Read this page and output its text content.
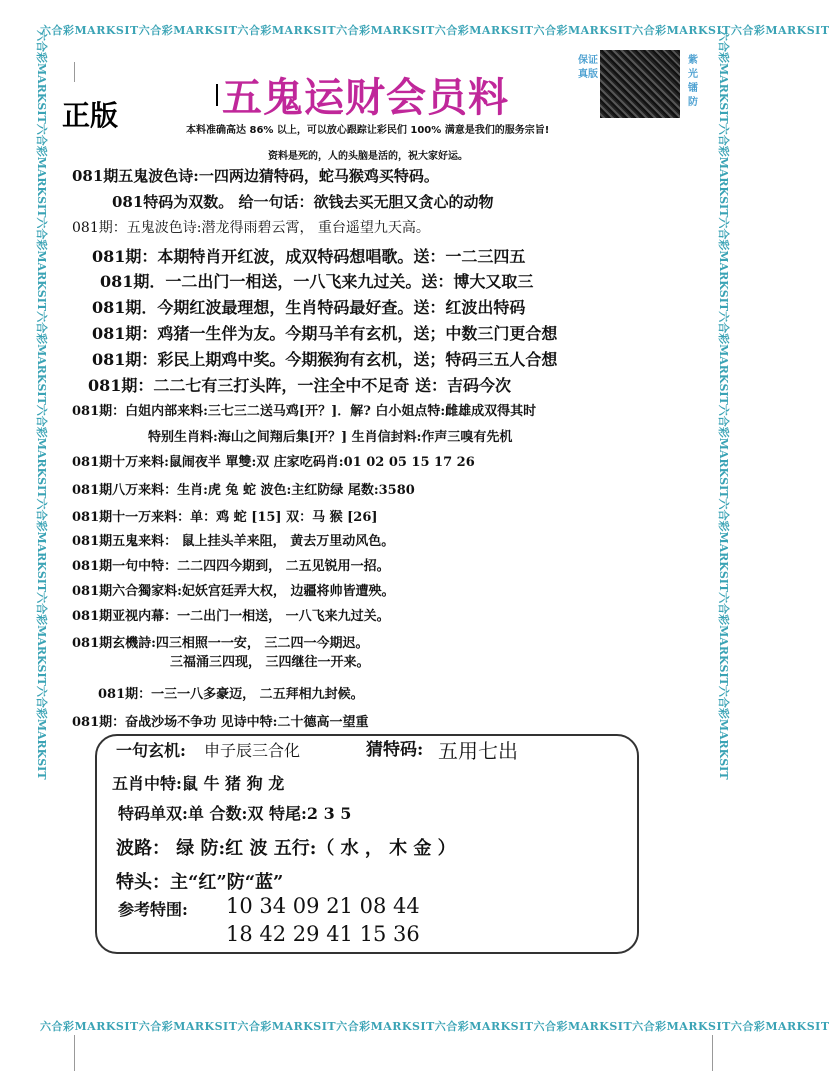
六合彩MARKSIT六合彩MARKSIT六合彩MARKSIT六合彩MARKSIT六合彩MARKSIT六合彩MARKSIT六合彩MARKSIT六合彩MARKSIT
六合彩MARKSIT六合彩MARKSIT六合彩MARKSIT六合彩MARKSIT六合彩MARKSIT六合彩MARKSIT六合彩MARKSIT六合彩MARKSIT
六合彩MARKSIT六合彩MARKSIT六合彩MARKSIT六合彩MARKSIT六合彩MARKSIT六合彩MARKSIT六合彩MARKSIT六合彩MARKSIT	六合彩MARKSIT六合彩MARKSIT六合彩MARKSIT六合彩MARKSIT六合彩MARKSIT六合彩MARKSIT六合彩MARKSIT六合彩MARKSIT
正版	五鬼运财会员料
保证真版
紫光镭防
本料准确高达 86% 以上，可以放心跟踪让彩民们 100% 满意是我们的服务宗旨!
资料是死的，人的头脑是活的，祝大家好运。
081期五鬼波色诗:一四两边猜特码，蛇马猴鸡买特码。
081特码为双数。 给一句话：欲钱去买无胆又贪心的动物
081期：五鬼波色诗:潜龙得雨碧云霄， 重台遥望九天高。
081期：本期特肖开红波，成双特码想唱歌。送：一二三四五
081期．一二出门一相送，一八飞来九过关。送：博大又取三
081期．今期红波最理想，生肖特码最好查。送：红波出特码
081期：鸡猪一生伴为友。今期马羊有玄机，送；中数三门更合想
081期：彩民上期鸡中奖。今期猴狗有玄机，送；特码三五人合想
081期：二二七有三打头阵，一注全中不足奇 送：吉码今次
081期：白姐内部来料:三七三二送马鸡[开？]．解? 白小姐点特:雌雄成双得其时
特别生肖料:海山之间翔后集[开？] 生肖信封料:作声三嗅有先机
081期十万来料:鼠闹夜半 單雙:双 庄家吃码肖:01 02 05 15 17 26
081期八万来料：生肖:虎 兔 蛇 波色:主红防绿 尾数:3580
081期十一万来料：单：鸡 蛇 [15] 双：马 猴 [26]
081期五鬼来料： 鼠上挂头羊来阻， 黄去万里动风色。
081期一句中特：二二四四今期到， 二五见锐用一招。
081期六合獨家料:妃妖宫廷弄大权， 边疆将帅皆遭殃。
081期亚视内幕：一二出门一相送， 一八飞来九过关。
081期玄機詩:四三相照一一安， 三二四一今期迟。
三福涌三四现， 三四继往一开来。
081期：一三一八多豪迈， 二五拜相九封候。
081期：奋战沙场不争功 见诗中特:二十德高一望重
一句玄机: 申子辰三合化	猜特码: 五用七出
五肖中特:鼠 牛 猪 狗 龙
特码单双:单 合数:双 特尾:2 3 5
波路： 绿 防:红 波 五行:（ 水 ， 木 金 ）
特头：主“红”防“蓝”
参考特围: 10 34 09 21 08 44
18 42 29 41 15 36
